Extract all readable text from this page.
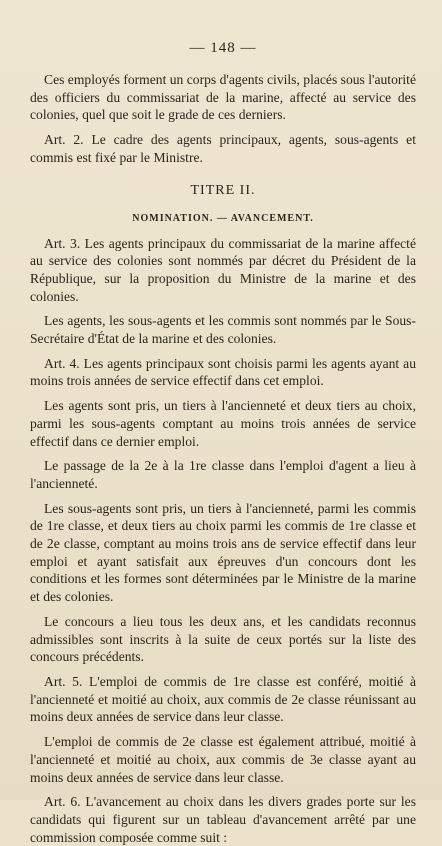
— 148 —

Ces employés forment un corps d'agents civils, placés sous l'autorité des officiers du commissariat de la marine, affecté au service des colonies, quel que soit le grade de ces derniers.

Art. 2. Le cadre des agents principaux, agents, sous-agents et commis est fixé par le Ministre.

TITRE II.
NOMINATION. — AVANCEMENT.

Art. 3. Les agents principaux du commissariat de la marine affecté au service des colonies sont nommés par décret du Président de la République, sur la proposition du Ministre de la marine et des colonies.

Les agents, les sous-agents et les commis sont nommés par le Sous-Secrétaire d'État de la marine et des colonies.

Art. 4. Les agents principaux sont choisis parmi les agents ayant au moins trois années de service effectif dans cet emploi.

Les agents sont pris, un tiers à l'ancienneté et deux tiers au choix, parmi les sous-agents comptant au moins trois années de service effectif dans ce dernier emploi.

Le passage de la 2e à la 1re classe dans l'emploi d'agent a lieu à l'ancienneté.

Les sous-agents sont pris, un tiers à l'ancienneté, parmi les commis de 1re classe, et deux tiers au choix parmi les commis de 1re classe et de 2e classe, comptant au moins trois ans de service effectif dans leur emploi et ayant satisfait aux épreuves d'un concours dont les conditions et les formes sont déterminées par le Ministre de la marine et des colonies.

Le concours a lieu tous les deux ans, et les candidats reconnus admissibles sont inscrits à la suite de ceux portés sur la liste des concours précédents.

Art. 5. L'emploi de commis de 1re classe est conféré, moitié à l'ancienneté et moitié au choix, aux commis de 2e classe réunissant au moins deux années de service dans leur classe.

L'emploi de commis de 2e classe est également attribué, moitié à l'ancienneté et moitié au choix, aux commis de 3e classe ayant au moins deux années de service dans leur classe.

Art. 6. L'avancement au choix dans les divers grades porte sur les candidats qui figurent sur un tableau d'avancement arrêté par une commission composée comme suit :
